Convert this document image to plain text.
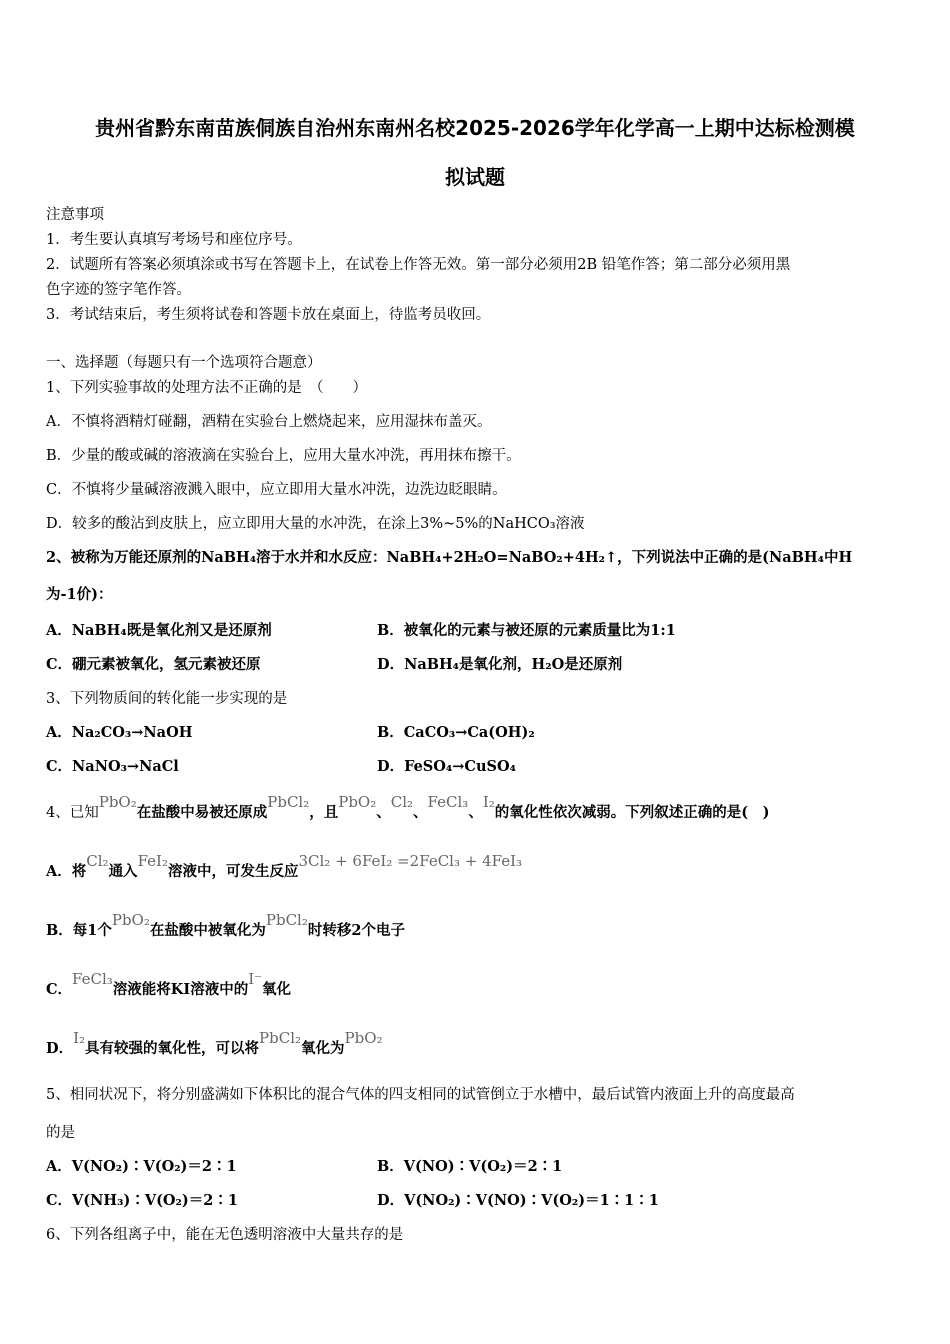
贵州省黔东南苗族侗族自治州东南州名校2025-2026学年化学高一上期中达标检测模
拟试题
注意事项
1．考生要认真填写考场号和座位序号。
2．试题所有答案必须填涂或书写在答题卡上，在试卷上作答无效。第一部分必须用2B 铅笔作答；第二部分必须用黑
色字迹的签字笔作答。
3．考试结束后，考生须将试卷和答题卡放在桌面上，待监考员收回。
一、选择题（每题只有一个选项符合题意）
1、下列实验事故的处理方法不正确的是　（　　）
A．不慎将酒精灯碰翻，酒精在实验台上燃烧起来，应用湿抹布盖灭。
B．少量的酸或碱的溶液滴在实验台上，应用大量水冲洗，再用抹布擦干。
C．不慎将少量碱溶液溅入眼中，应立即用大量水冲洗，边洗边眨眼睛。
D．较多的酸沾到皮肤上，应立即用大量的水冲洗，在涂上3%~5%的NaHCO₃溶液
2、被称为万能还原剂的NaBH₄溶于水并和水反应：NaBH₄+2H₂O=NaBO₂+4H₂↑，下列说法中正确的是(NaBH₄中H
为-1价)：
A．NaBH₄既是氧化剂又是还原剂	B．被氧化的元素与被还原的元素质量比为1:1
C．硼元素被氧化，氢元素被还原	D．NaBH₄是氧化剂，H₂O是还原剂
3、下列物质间的转化能一步实现的是
A．Na₂CO₃→NaOH	B．CaCO₃→Ca(OH)₂
C．NaNO₃→NaCl	D．FeSO₄→CuSO₄
4、已知PbO₂在盐酸中易被还原成PbCl₂，且PbO₂、Cl₂、FeCl₃、I₂的氧化性依次减弱。下列叙述正确的是(　)
A．将Cl₂通入FeI₂溶液中，可发生反应3Cl₂ + 6FeI₂ =2FeCl₃ + 4FeI₃
B．每1个PbO₂在盐酸中被氧化为PbCl₂时转移2个电子
C．FeCl₃溶液能将KI溶液中的I⁻氧化
D．I₂具有较强的氧化性，可以将PbCl₂氧化为PbO₂
5、相同状况下，将分别盛满如下体积比的混合气体的四支相同的试管倒立于水槽中，最后试管内液面上升的高度最高
的是
A．V(NO₂)∶V(O₂)＝2∶1	B．V(NO)∶V(O₂)＝2∶1
C．V(NH₃)∶V(O₂)＝2∶1	D．V(NO₂)∶V(NO)∶V(O₂)＝1∶1∶1
6、下列各组离子中，能在无色透明溶液中大量共存的是
